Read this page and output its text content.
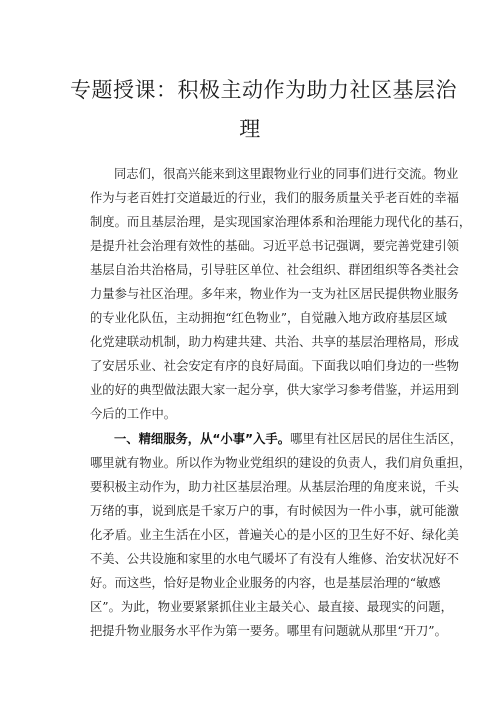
专题授课：积极主动作为助力社区基层治
理
同志们，很高兴能来到这里跟物业行业的同事们进行交流。物业
作为与老百姓打交道最近的行业，我们的服务质量关乎老百姓的幸福
制度。而且基层治理，是实现国家治理体系和治理能力现代化的基石，
是提升社会治理有效性的基础。习近平总书记强调，要完善党建引领
基层自治共治格局，引导驻区单位、社会组织、群团组织等各类社会
力量参与社区治理。多年来，物业作为一支为社区居民提供物业服务
的专业化队伍，主动拥抱“红色物业”，自觉融入地方政府基层区域
化党建联动机制，助力构建共建、共治、共享的基层治理格局，形成
了安居乐业、社会安定有序的良好局面。下面我以咱们身边的一些物
业的好的典型做法跟大家一起分享，供大家学习参考借鉴，并运用到
今后的工作中。
一、精细服务，从“小事”入手。哪里有社区居民的居住生活区，
哪里就有物业。所以作为物业党组织的建设的负责人，我们肩负重担，
要积极主动作为，助力社区基层治理。从基层治理的角度来说，千头
万绪的事，说到底是千家万户的事，有时候因为一件小事，就可能激
化矛盾。业主生活在小区，普遍关心的是小区的卫生好不好、绿化美
不美、公共设施和家里的水电气暖坏了有没有人维修、治安状况好不
好。而这些，恰好是物业企业服务的内容，也是基层治理的“敏感
区”。为此，物业要紧紧抓住业主最关心、最直接、最现实的问题，
把提升物业服务水平作为第一要务。哪里有问题就从那里“开刀”。
